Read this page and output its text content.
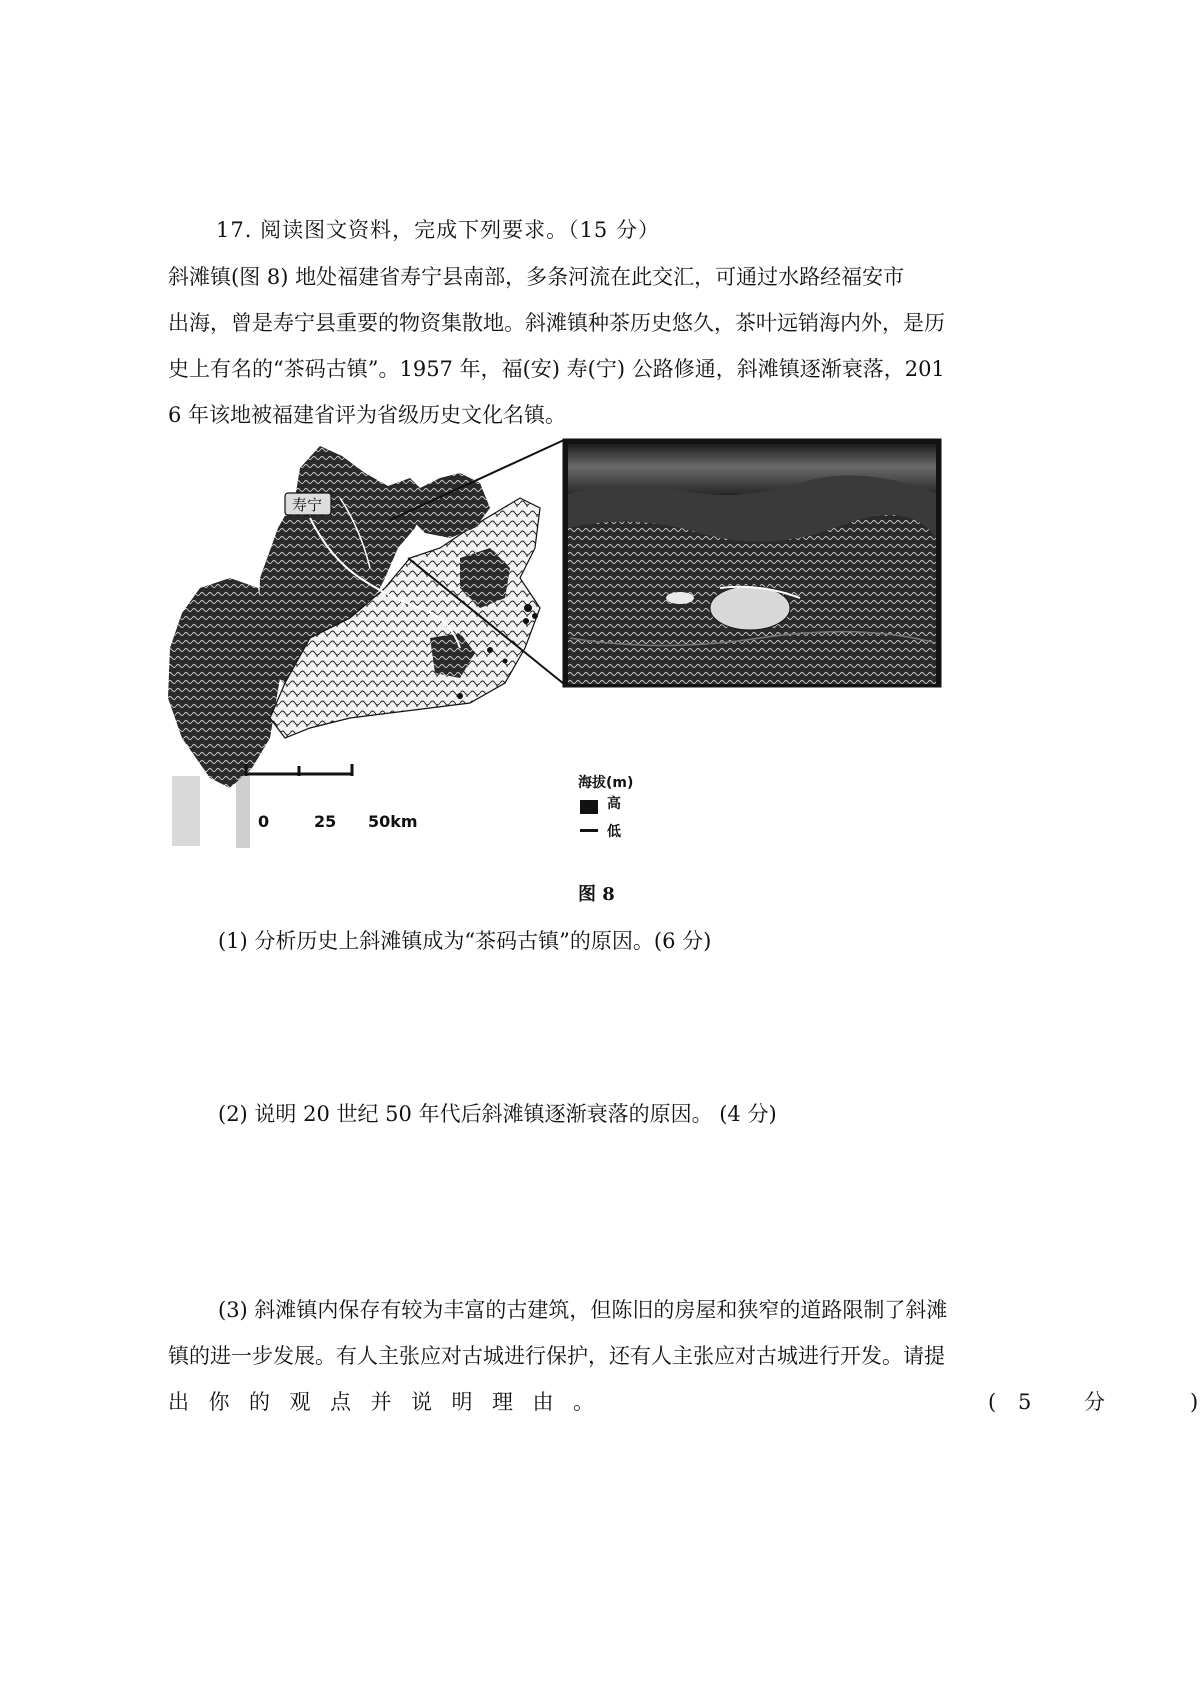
17. 阅读图文资料，完成下列要求。（15 分）
斜滩镇(图 8) 地处福建省寿宁县南部，多条河流在此交汇，可通过水路经福安市
出海，曾是寿宁县重要的物资集散地。斜滩镇种茶历史悠久，茶叶远销海内外，是历
史上有名的“茶码古镇”。1957 年，福(安) 寿(宁) 公路修通，斜滩镇逐渐衰落，201
6 年该地被福建省评为省级历史文化名镇。
寿宁
海拔(m)
高
低
0	25 50km
图 8
(1) 分析历史上斜滩镇成为“茶码古镇”的原因。(6 分)
(2) 说明 20 世纪 50 年代后斜滩镇逐渐衰落的原因。 (4 分)
(3) 斜滩镇内保存有较为丰富的古建筑，但陈旧的房屋和狭窄的道路限制了斜滩
镇的进一步发展。有人主张应对古城进行保护，还有人主张应对古城进行开发。请提
出你的观点并说明理由。	( 5	分	)
